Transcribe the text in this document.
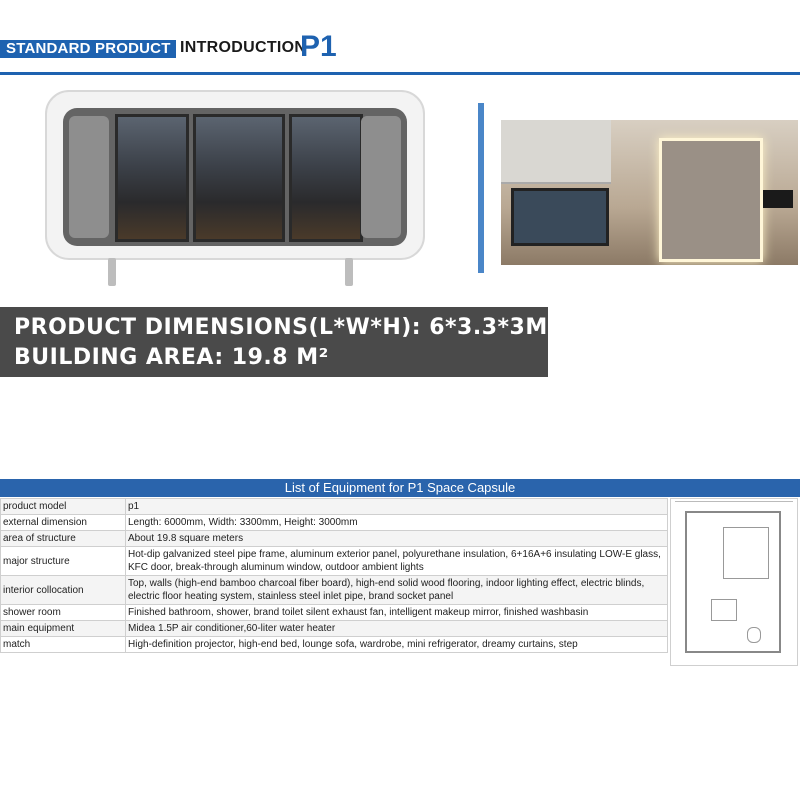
STANDARD PRODUCT INTRODUCTION
P1
PRODUCT DIMENSIONS(L*W*H): 6*3.3*3M
BUILDING AREA: 19.8 M²
List of Equipment for P1 Space Capsule
product model	p1
external dimension	Length: 6000mm, Width: 3300mm, Height: 3000mm
area of structure	About 19.8 square meters
major structure	Hot-dip galvanized steel pipe frame, aluminum exterior panel, polyurethane insulation, 6+16A+6 insulating LOW-E glass, KFC door, break-through aluminum window, outdoor ambient lights
interior collocation	Top, walls (high-end bamboo charcoal fiber board), high-end solid wood flooring, indoor lighting effect, electric blinds, electric floor heating system, stainless steel inlet pipe, brand socket panel
shower room	Finished bathroom, shower, brand toilet silent exhaust fan, intelligent makeup mirror, finished washbasin
main equipment	Midea 1.5P air conditioner,60-liter water heater
match	High-definition projector, high-end bed, lounge sofa, wardrobe, mini refrigerator, dreamy curtains, step
